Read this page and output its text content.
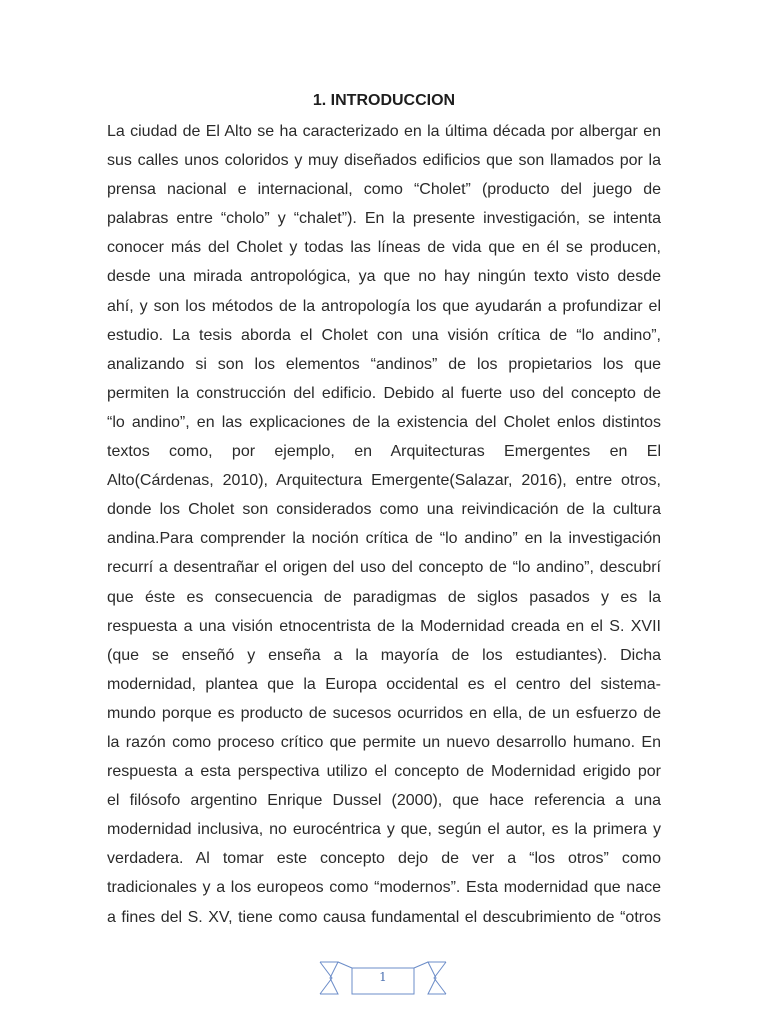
1. INTRODUCCION
La ciudad de El Alto se ha caracterizado en la última década por albergar en
sus calles unos coloridos y muy diseñados edificios que son llamados por la
prensa nacional e internacional, como “Cholet” (producto del juego de
palabras entre “cholo” y “chalet”). En la presente investigación, se intenta
conocer más del Cholet y todas las líneas de vida que en él se producen,
desde una mirada antropológica, ya que no hay ningún texto visto desde
ahí, y son los métodos de la antropología los que ayudarán a profundizar el
estudio. La tesis aborda el Cholet con una visión crítica de “lo andino”,
analizando si son los elementos “andinos” de los propietarios los que
permiten la construcción del edificio. Debido al fuerte uso del concepto de
“lo andino”, en las explicaciones de la existencia del Cholet enlos distintos
textos como, por ejemplo, en Arquitecturas Emergentes en El
Alto(Cárdenas, 2010), Arquitectura Emergente(Salazar, 2016), entre otros,
donde los Cholet son considerados como una reivindicación de la cultura
andina.Para comprender la noción crítica de “lo andino” en la investigación
recurrí a desentrañar el origen del uso del concepto de “lo andino”, descubrí
que éste es consecuencia de paradigmas de siglos pasados y es la
respuesta a una visión etnocentrista de la Modernidad creada en el S. XVII
(que se enseñó y enseña a la mayoría de los estudiantes). Dicha
modernidad, plantea que la Europa occidental es el centro del sistema-
mundo porque es producto de sucesos ocurridos en ella, de un esfuerzo de
la razón como proceso crítico que permite un nuevo desarrollo humano. En
respuesta a esta perspectiva utilizo el concepto de Modernidad erigido por
el filósofo argentino Enrique Dussel (2000), que hace referencia a una
modernidad inclusiva, no eurocéntrica y que, según el autor, es la primera y
verdadera. Al tomar este concepto dejo de ver a “los otros” como
tradicionales y a los europeos como “modernos”. Esta modernidad que nace
a fines del S. XV, tiene como causa fundamental el descubrimiento de “otros
1
